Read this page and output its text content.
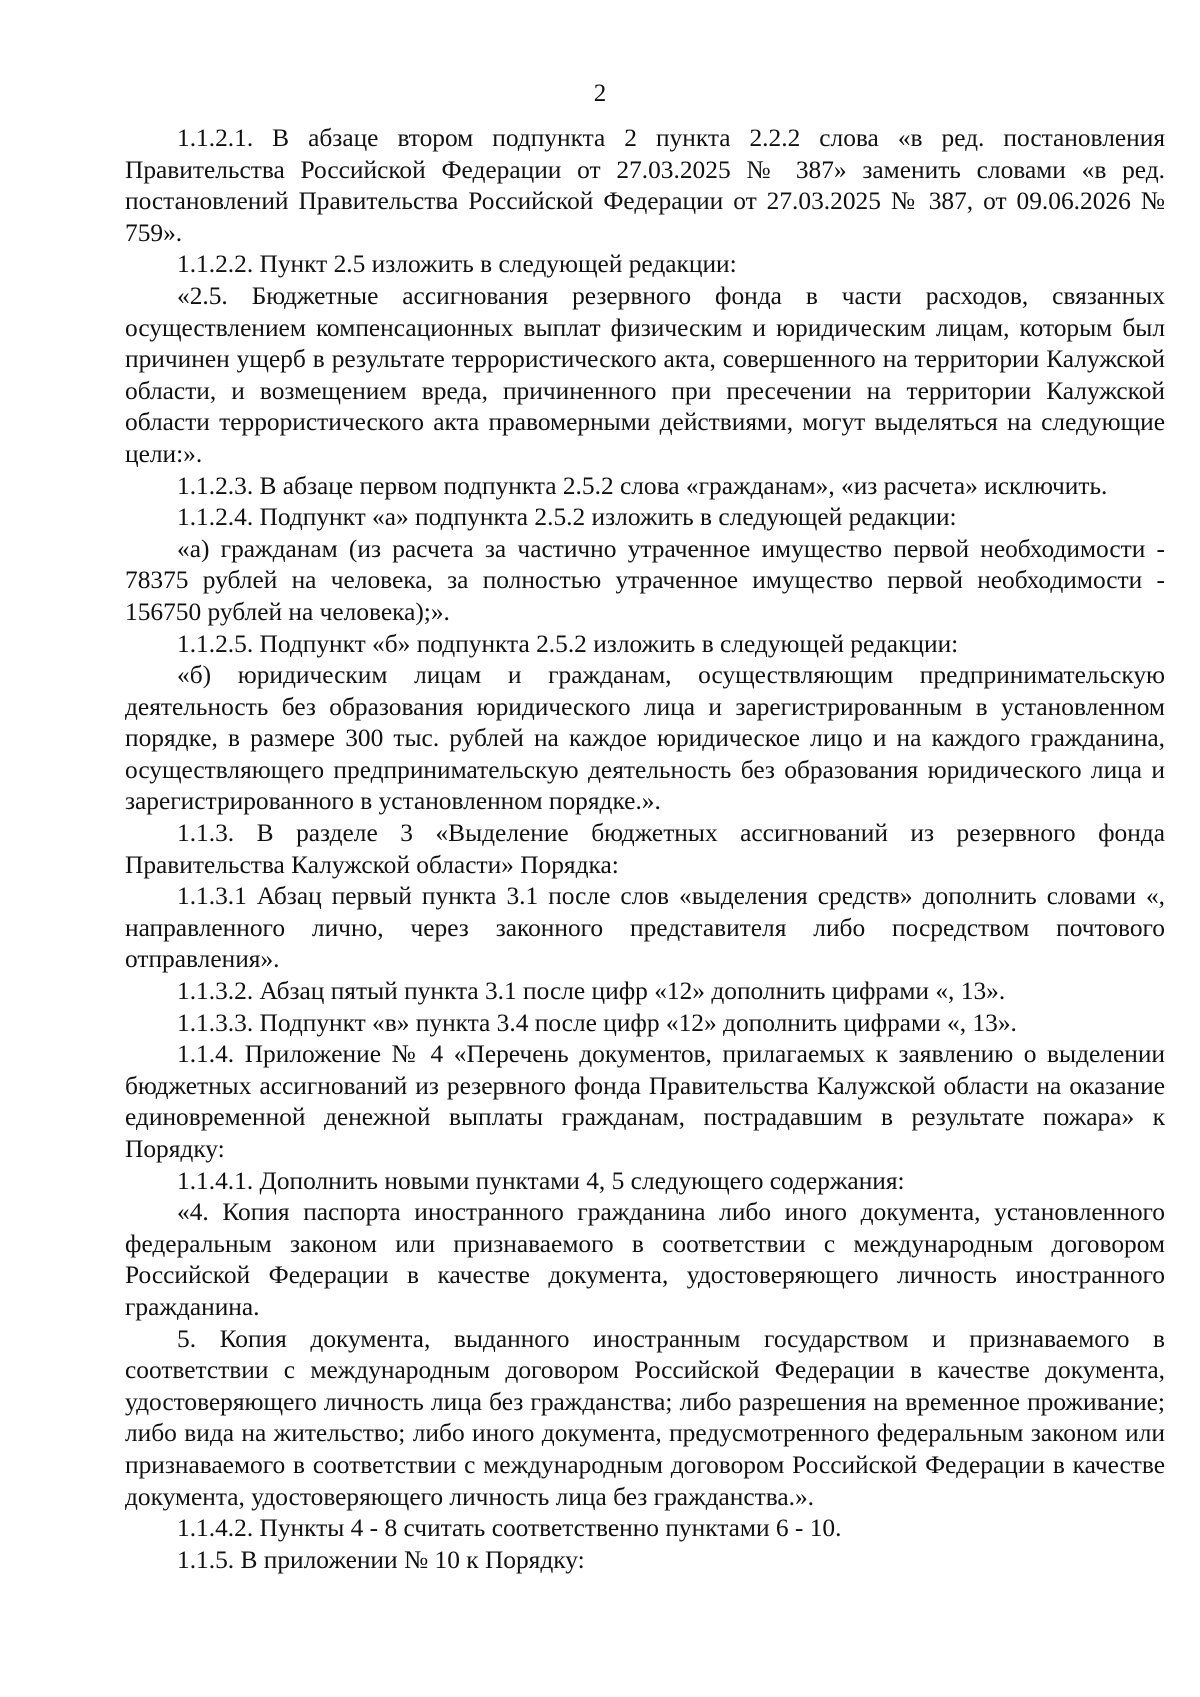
2

1.1.2.1. В абзаце втором подпункта 2 пункта 2.2.2 слова «в ред. постановления Правительства Российской Федерации от 27.03.2025 № 387» заменить словами «в ред. постановлений Правительства Российской Федерации от 27.03.2025 № 387, от 09.06.2026 № 759».

1.1.2.2. Пункт 2.5 изложить в следующей редакции:

«2.5. Бюджетные ассигнования резервного фонда в части расходов, связанных осуществлением компенсационных выплат физическим и юридическим лицам, которым был причинен ущерб в результате террористического акта, совершенного на территории Калужской области, и возмещением вреда, причиненного при пресечении на территории Калужской области террористического акта правомерными действиями, могут выделяться на следующие цели:».

1.1.2.3. В абзаце первом подпункта 2.5.2 слова «гражданам», «из расчета» исключить.

1.1.2.4. Подпункт «а» подпункта 2.5.2 изложить в следующей редакции:

«а) гражданам (из расчета за частично утраченное имущество первой необходимости - 78375 рублей на человека, за полностью утраченное имущество первой необходимости - 156750 рублей на человека);».

1.1.2.5. Подпункт «б» подпункта 2.5.2 изложить в следующей редакции:

«б) юридическим лицам и гражданам, осуществляющим предпринимательскую деятельность без образования юридического лица и зарегистрированным в установленном порядке, в размере 300 тыс. рублей на каждое юридическое лицо и на каждого гражданина, осуществляющего предпринимательскую деятельность без образования юридического лица и зарегистрированного в установленном порядке.».

1.1.3. В разделе 3 «Выделение бюджетных ассигнований из резервного фонда Правительства Калужской области» Порядка:

1.1.3.1 Абзац первый пункта 3.1 после слов «выделения средств» дополнить словами «, направленного лично, через законного представителя либо посредством почтового отправления».

1.1.3.2. Абзац пятый пункта 3.1 после цифр «12» дополнить цифрами «, 13».

1.1.3.3. Подпункт «в» пункта 3.4 после цифр «12» дополнить цифрами «, 13».

1.1.4. Приложение № 4 «Перечень документов, прилагаемых к заявлению о выделении бюджетных ассигнований из резервного фонда Правительства Калужской области на оказание единовременной денежной выплаты гражданам, пострадавшим в результате пожара» к Порядку:

1.1.4.1. Дополнить новыми пунктами 4, 5 следующего содержания:

«4. Копия паспорта иностранного гражданина либо иного документа, установленного федеральным законом или признаваемого в соответствии с международным договором Российской Федерации в качестве документа, удостоверяющего личность иностранного гражданина.

5. Копия документа, выданного иностранным государством и признаваемого в соответствии с международным договором Российской Федерации в качестве документа, удостоверяющего личность лица без гражданства; либо разрешения на временное проживание; либо вида на жительство; либо иного документа, предусмотренного федеральным законом или признаваемого в соответствии с международным договором Российской Федерации в качестве документа, удостоверяющего личность лица без гражданства.».

1.1.4.2. Пункты 4 - 8 считать соответственно пунктами 6 - 10.

1.1.5. В приложении № 10 к Порядку:
